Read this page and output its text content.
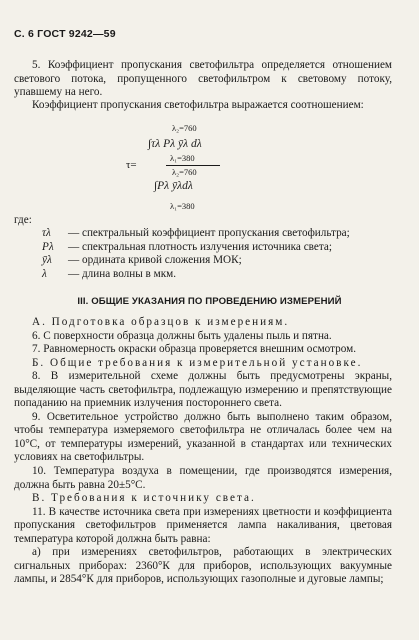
С. 6 ГОСТ 9242—59
5. Коэффициент пропускания светофильтра определяется отношением светового потока, пропущенного светофильтром к световому потоку, упавшему на него.
Коэффициент пропускания светофильтра выражается соотношением:
λ₂=760
∫τλ Pλ ȳλ dλ
τ=
λ₁=380
λ₂=760
∫Pλ ȳλdλ
λ₁=380
где:
τλ — спектральный коэффициент пропускания светофильтра;
Pλ — спектральная плотность излучения источника света;
ȳλ — ордината кривой сложения МОК;
λ — длина волны в мкм.
III. ОБЩИЕ УКАЗАНИЯ ПО ПРОВЕДЕНИЮ ИЗМЕРЕНИЙ

А. Подготовка образцов к измерениям.

6. С поверхности образца должны быть удалены пыль и пятна.

7. Равномерность окраски образца проверяется внешним осмотром.

Б. Общие требования к измерительной установке.

8. В измерительной схеме должны быть предусмотрены экраны, выделяющие часть светофильтра, подлежащую измерению и препятствующие попаданию на приемник излучения постороннего света.

9. Осветительное устройство должно быть выполнено таким образом, чтобы температура измеряемого светофильтра не отличалась более чем на 10°С, от температуры измерений, указанной в стандартах или технических условиях на светофильтры.

10. Температура воздуха в помещении, где производятся измерения, должна быть равна 20±5°С.

В. Требования к источнику света.

11. В качестве источника света при измерениях цветности и коэффициента пропускания светофильтров применяется лампа накаливания, цветовая температура которой должна быть равна:

а) при измерениях светофильтров, работающих в электрических сигнальных приборах: 2360°К для приборов, использующих вакуумные лампы, и 2854°К для приборов, использующих газополные и дуговые лампы;
